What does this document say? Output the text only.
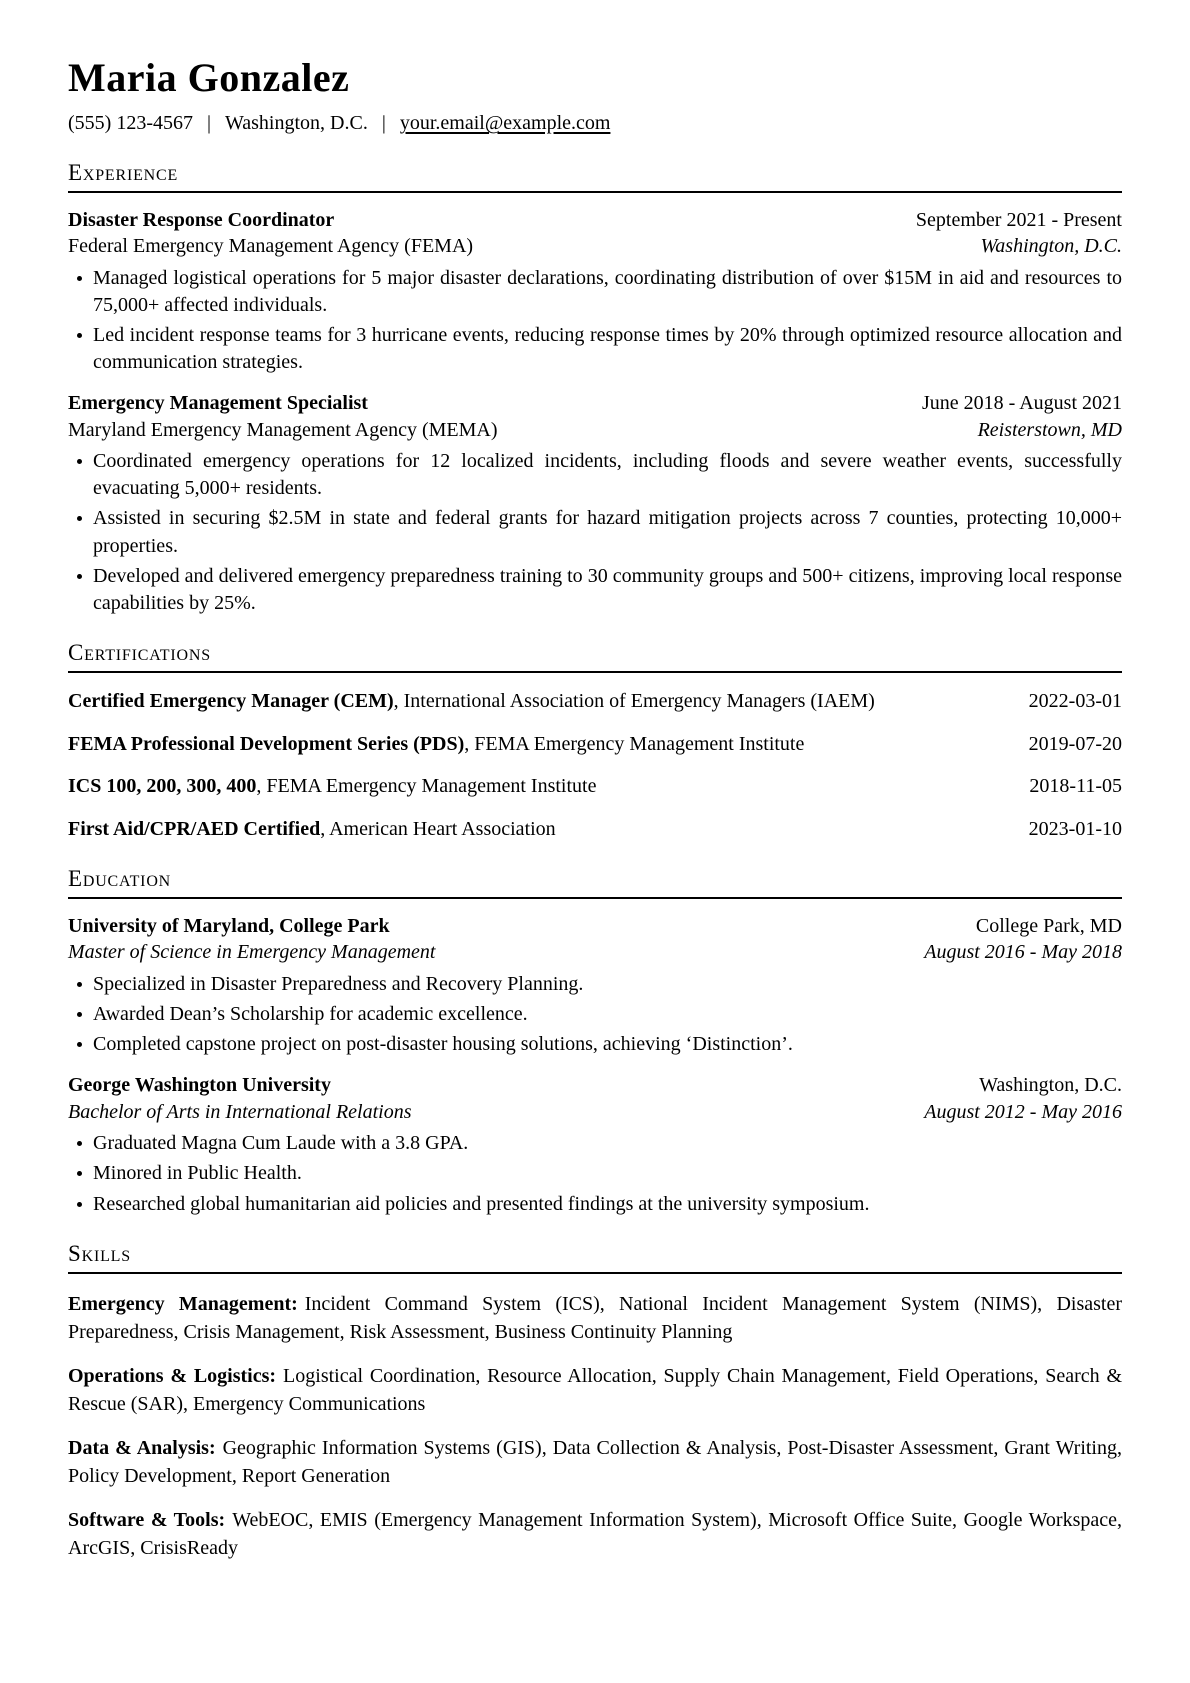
Maria Gonzalez
(555) 123-4567 | Washington, D.C. | your.email@example.com
Experience
Disaster Response Coordinator	September 2021 - Present
Federal Emergency Management Agency (FEMA)	Washington, D.C.
Managed logistical operations for 5 major disaster declarations, coordinating distribution of over $15M in aid and resources to 75,000+ affected individuals.
Led incident response teams for 3 hurricane events, reducing response times by 20% through optimized resource allocation and communication strategies.
Emergency Management Specialist	June 2018 - August 2021
Maryland Emergency Management Agency (MEMA)	Reisterstown, MD
Coordinated emergency operations for 12 localized incidents, including floods and severe weather events, successfully evacuating 5,000+ residents.
Assisted in securing $2.5M in state and federal grants for hazard mitigation projects across 7 counties, protecting 10,000+ properties.
Developed and delivered emergency preparedness training to 30 community groups and 500+ citizens, improving local response capabilities by 25%.
Certifications
Certified Emergency Manager (CEM), International Association of Emergency Managers (IAEM)	2022-03-01
FEMA Professional Development Series (PDS), FEMA Emergency Management Institute	2019-07-20
ICS 100, 200, 300, 400, FEMA Emergency Management Institute	2018-11-05
First Aid/CPR/AED Certified, American Heart Association	2023-01-10
Education
University of Maryland, College Park	College Park, MD
Master of Science in Emergency Management	August 2016 - May 2018
Specialized in Disaster Preparedness and Recovery Planning.
Awarded Dean’s Scholarship for academic excellence.
Completed capstone project on post-disaster housing solutions, achieving ‘Distinction’.
George Washington University	Washington, D.C.
Bachelor of Arts in International Relations	August 2012 - May 2016
Graduated Magna Cum Laude with a 3.8 GPA.
Minored in Public Health.
Researched global humanitarian aid policies and presented findings at the university symposium.
Skills
Emergency Management: Incident Command System (ICS), National Incident Management System (NIMS), Disaster Preparedness, Crisis Management, Risk Assessment, Business Continuity Planning
Operations & Logistics: Logistical Coordination, Resource Allocation, Supply Chain Management, Field Operations, Search & Rescue (SAR), Emergency Communications
Data & Analysis: Geographic Information Systems (GIS), Data Collection & Analysis, Post-Disaster Assessment, Grant Writing, Policy Development, Report Generation
Software & Tools: WebEOC, EMIS (Emergency Management Information System), Microsoft Office Suite, Google Workspace, ArcGIS, CrisisReady
